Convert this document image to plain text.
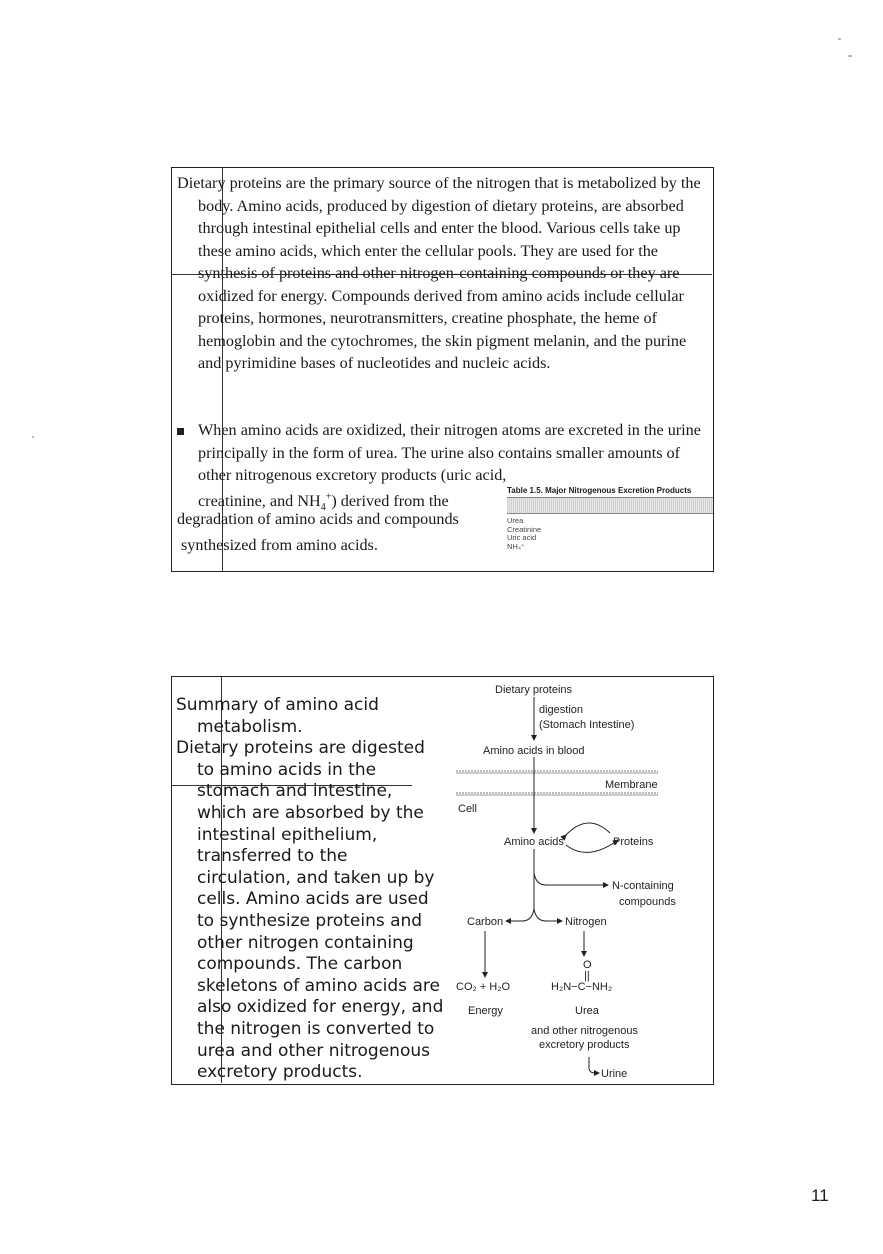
Dietary proteins are the primary source of the nitrogen that is metabolized by the body. Amino acids, produced by digestion of dietary proteins, are absorbed through intestinal epithelial cells and enter the blood. Various cells take up these amino acids, which enter the cellular pools. They are used for the synthesis of proteins and other nitrogen-containing compounds or they are oxidized for energy. Compounds derived from amino acids include cellular proteins, hormones, neurotransmitters, creatine phosphate, the heme of hemoglobin and the cytochromes, the skin pigment melanin, and the purine and pyrimidine bases of nucleotides and nucleic acids.
When amino acids are oxidized, their nitrogen atoms are excreted in the urine principally in the form of urea. The urine also contains smaller amounts of other nitrogenous excretory products (uric acid,
creatinine, and $NH_4^+$) derived from the
degradation of amino acids and compounds
synthesized from amino acids.
Table 1.5. Major Nitrogenous Excretion Products
Urea
Creatinine
Uric acid
NH₄⁺

Summary of amino acid metabolism.

Dietary proteins are digested to amino acids in the stomach and intestine, which are absorbed by the intestinal epithelium, transferred to the circulation, and taken up by cells. Amino acids are used to synthesize proteins and other nitrogen containing compounds. The carbon skeletons of amino acids are also oxidized for energy, and the nitrogen is converted to urea and other nitrogenous excretory products.

Dietary proteins
digestion
(Stomach Intestine)
Amino acids in blood
Membrane
Cell
Amino acids	Proteins
N-containing
compounds
Carbon	Nitrogen
CO₂ + H₂O
Energy
O
||
H₂N−C−NH₂
Urea
and other nitrogenous
excretory products
Urine
11
